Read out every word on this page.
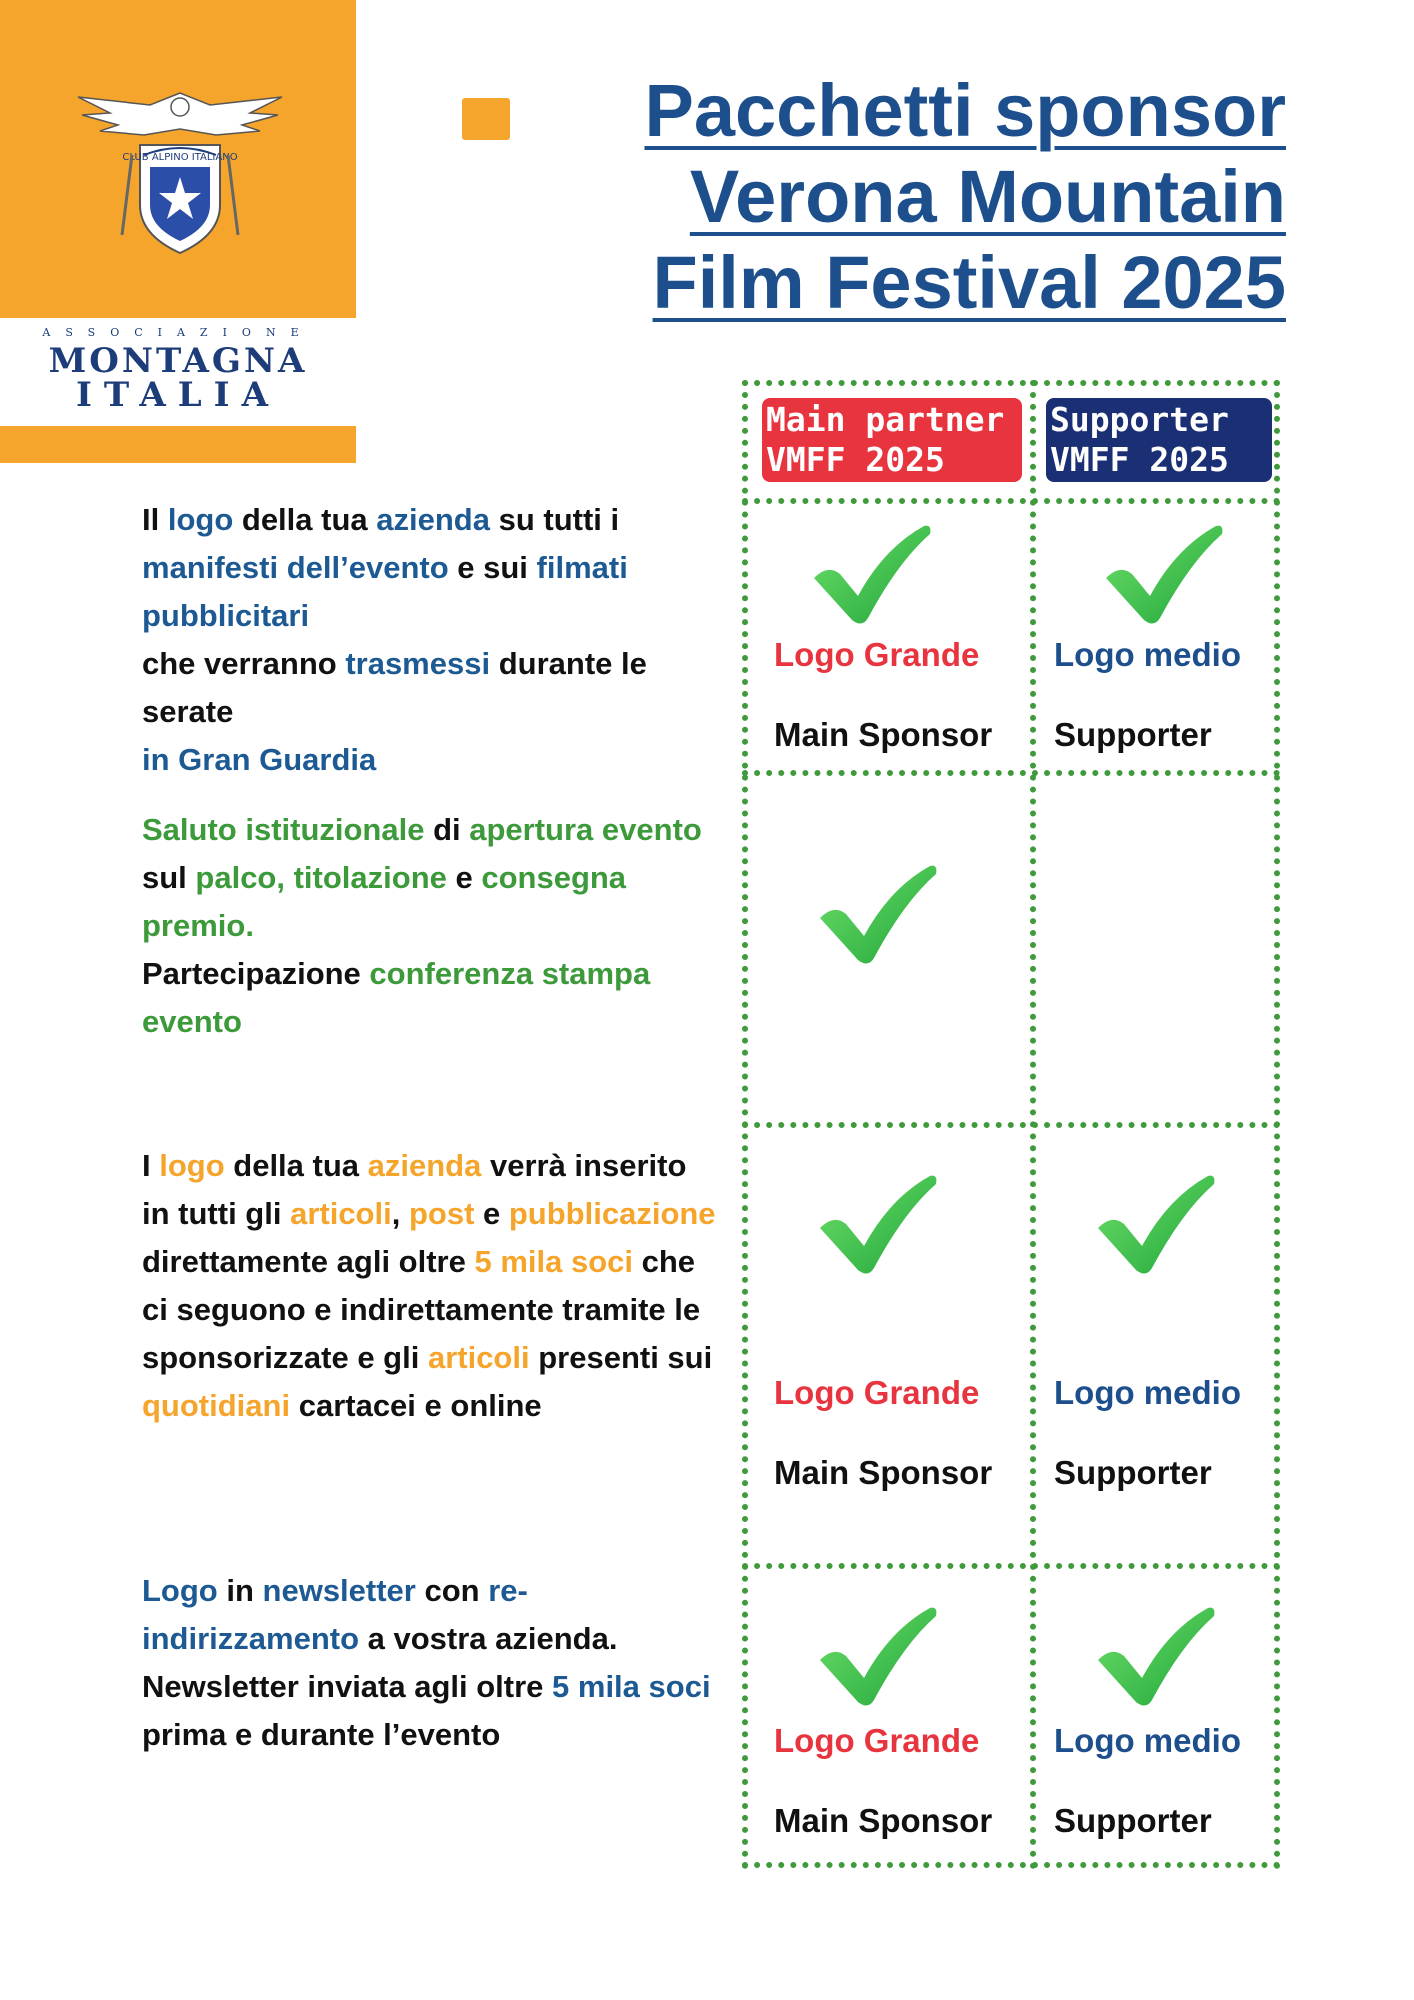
CLUB ALPINO ITALIANO
ASSOCIAZIONE
MONTAGNA
ITALIA
Pacchetti sponsor
Verona Mountain
Film Festival 2025
Main partner
VMFF 2025
Supporter
VMFF 2025
Il logo della tua azienda su tutti i
manifesti dell’evento e sui filmati pubblicitari
che verranno trasmessi durante le serate
in Gran Guardia
Logo Grande
Main Sponsor
Logo medio
Supporter
Saluto istituzionale di apertura evento sul palco, titolazione e consegna premio.
Partecipazione conferenza stampa evento
I logo della tua azienda verrà inserito in tutti gli articoli, post e pubblicazione direttamente agli oltre 5 mila soci che ci seguono e indirettamente tramite le sponsorizzate e gli articoli presenti sui quotidiani cartacei e online	Logo Grande
Main Sponsor
Logo medio
Supporter
Logo in newsletter con re-indirizzamento a vostra azienda. Newsletter inviata agli oltre 5 mila soci prima e durante l’evento	Logo Grande
Main Sponsor
Logo medio
Supporter
